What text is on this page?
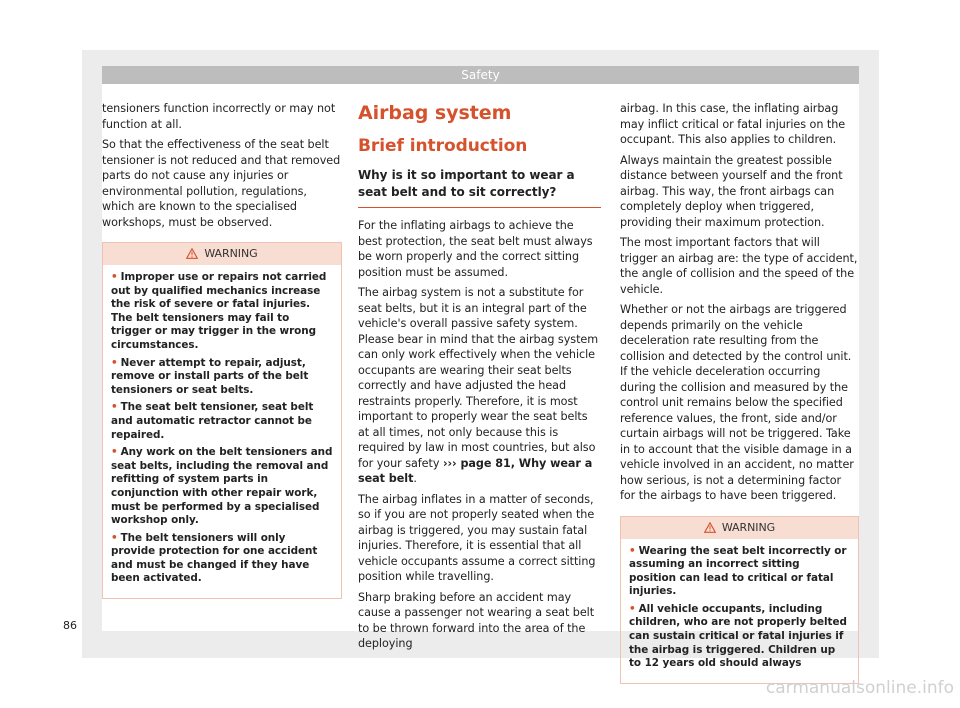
Safety

tensioners function incorrectly or may not function at all.

So that the effectiveness of the seat belt tensioner is not reduced and that removed parts do not cause any injuries or environmental pollution, regulations, which are known to the specialised workshops, must be observed.

WARNING
• Improper use or repairs not carried out by qualified mechanics increase the risk of severe or fatal injuries. The belt tensioners may fail to trigger or may trigger in the wrong circumstances.
• Never attempt to repair, adjust, remove or install parts of the belt tensioners or seat belts.
• The seat belt tensioner, seat belt and automatic retractor cannot be repaired.
• Any work on the belt tensioners and seat belts, including the removal and refitting of system parts in conjunction with other repair work, must be performed by a specialised workshop only.
• The belt tensioners will only provide protection for one accident and must be changed if they have been activated.
Airbag system
Brief introduction
Why is it so important to wear a seat belt and to sit correctly?

For the inflating airbags to achieve the best protection, the seat belt must always be worn properly and the correct sitting position must be assumed.

The airbag system is not a substitute for seat belts, but it is an integral part of the vehicle's overall passive safety system. Please bear in mind that the airbag system can only work effectively when the vehicle occupants are wearing their seat belts correctly and have adjusted the head restraints properly. Therefore, it is most important to properly wear the seat belts at all times, not only because this is required by law in most countries, but also for your safety ››› page 81, Why wear a seat belt.

The airbag inflates in a matter of seconds, so if you are not properly seated when the airbag is triggered, you may sustain fatal injuries. Therefore, it is essential that all vehicle occupants assume a correct sitting position while travelling.

Sharp braking before an accident may cause a passenger not wearing a seat belt to be thrown forward into the area of the deploying

airbag. In this case, the inflating airbag may inflict critical or fatal injuries on the occupant. This also applies to children.

Always maintain the greatest possible distance between yourself and the front airbag. This way, the front airbags can completely deploy when triggered, providing their maximum protection.

The most important factors that will trigger an airbag are: the type of accident, the angle of collision and the speed of the vehicle.

Whether or not the airbags are triggered depends primarily on the vehicle deceleration rate resulting from the collision and detected by the control unit. If the vehicle deceleration occurring during the collision and measured by the control unit remains below the specified reference values, the front, side and/or curtain airbags will not be triggered. Take in to account that the visible damage in a vehicle involved in an accident, no matter how serious, is not a determining factor for the airbags to have been triggered.

WARNING
• Wearing the seat belt incorrectly or assuming an incorrect sitting position can lead to critical or fatal injuries.
• All vehicle occupants, including children, who are not properly belted can sustain critical or fatal injuries if the airbag is triggered. Children up to 12 years old should always
86
carmanualsonline.info
